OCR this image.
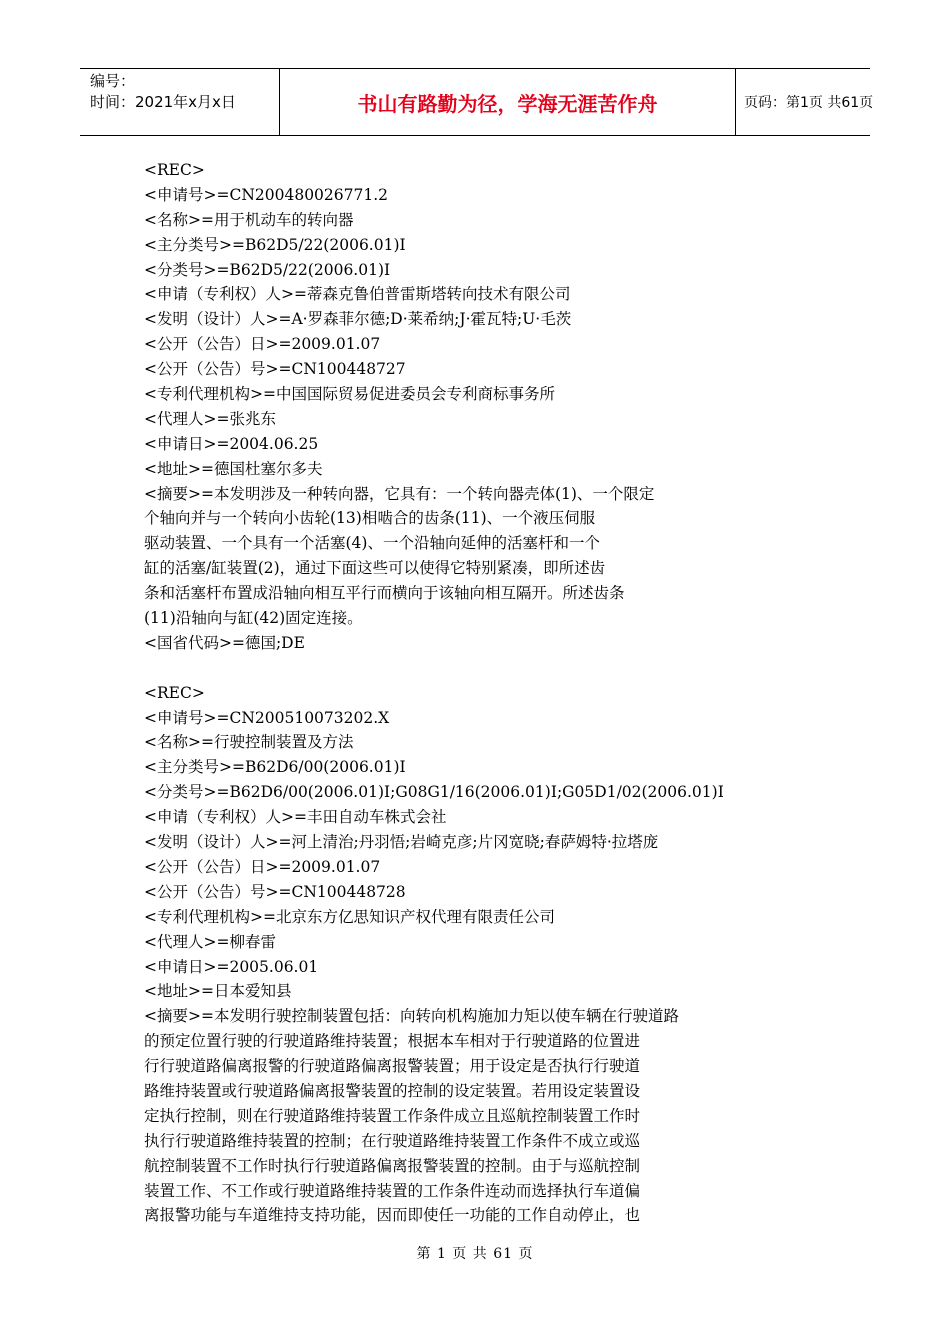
编号：
时间：2021年x月x日	书山有路勤为径，学海无涯苦作舟	页码：第1页 共61页
<REC>
<申请号>=CN200480026771.2
<名称>=用于机动车的转向器
<主分类号>=B62D5/22(2006.01)I
<分类号>=B62D5/22(2006.01)I
<申请（专利权）人>=蒂森克鲁伯普雷斯塔转向技术有限公司
<发明（设计）人>=A·罗森菲尔德;D·莱希纳;J·霍瓦特;U·毛茨
<公开（公告）日>=2009.01.07
<公开（公告）号>=CN100448727
<专利代理机构>=中国国际贸易促进委员会专利商标事务所
<代理人>=张兆东
<申请日>=2004.06.25
<地址>=德国杜塞尔多夫
<摘要>=本发明涉及一种转向器，它具有：一个转向器壳体(1)、一个限定
个轴向并与一个转向小齿轮(13)相啮合的齿条(11)、一个液压伺服
驱动装置、一个具有一个活塞(4)、一个沿轴向延伸的活塞杆和一个
缸的活塞/缸装置(2)，通过下面这些可以使得它特别紧凑，即所述齿
条和活塞杆布置成沿轴向相互平行而横向于该轴向相互隔开。所述齿条
(11)沿轴向与缸(42)固定连接。
<国省代码>=德国;DE
<REC>
<申请号>=CN200510073202.X
<名称>=行驶控制装置及方法
<主分类号>=B62D6/00(2006.01)I
<分类号>=B62D6/00(2006.01)I;G08G1/16(2006.01)I;G05D1/02(2006.01)I
<申请（专利权）人>=丰田自动车株式会社
<发明（设计）人>=河上清治;丹羽悟;岩崎克彦;片冈宽晓;春萨姆特·拉塔庞
<公开（公告）日>=2009.01.07
<公开（公告）号>=CN100448728
<专利代理机构>=北京东方亿思知识产权代理有限责任公司
<代理人>=柳春雷
<申请日>=2005.06.01
<地址>=日本爱知县
<摘要>=本发明行驶控制装置包括：向转向机构施加力矩以使车辆在行驶道路
的预定位置行驶的行驶道路维持装置；根据本车相对于行驶道路的位置进
行行驶道路偏离报警的行驶道路偏离报警装置；用于设定是否执行行驶道
路维持装置或行驶道路偏离报警装置的控制的设定装置。若用设定装置设
定执行控制，则在行驶道路维持装置工作条件成立且巡航控制装置工作时
执行行驶道路维持装置的控制；在行驶道路维持装置工作条件不成立或巡
航控制装置不工作时执行行驶道路偏离报警装置的控制。由于与巡航控制
装置工作、不工作或行驶道路维持装置的工作条件连动而选择执行车道偏
离报警功能与车道维持支持功能，因而即使任一功能的工作自动停止，也
第 1 页 共 61 页
